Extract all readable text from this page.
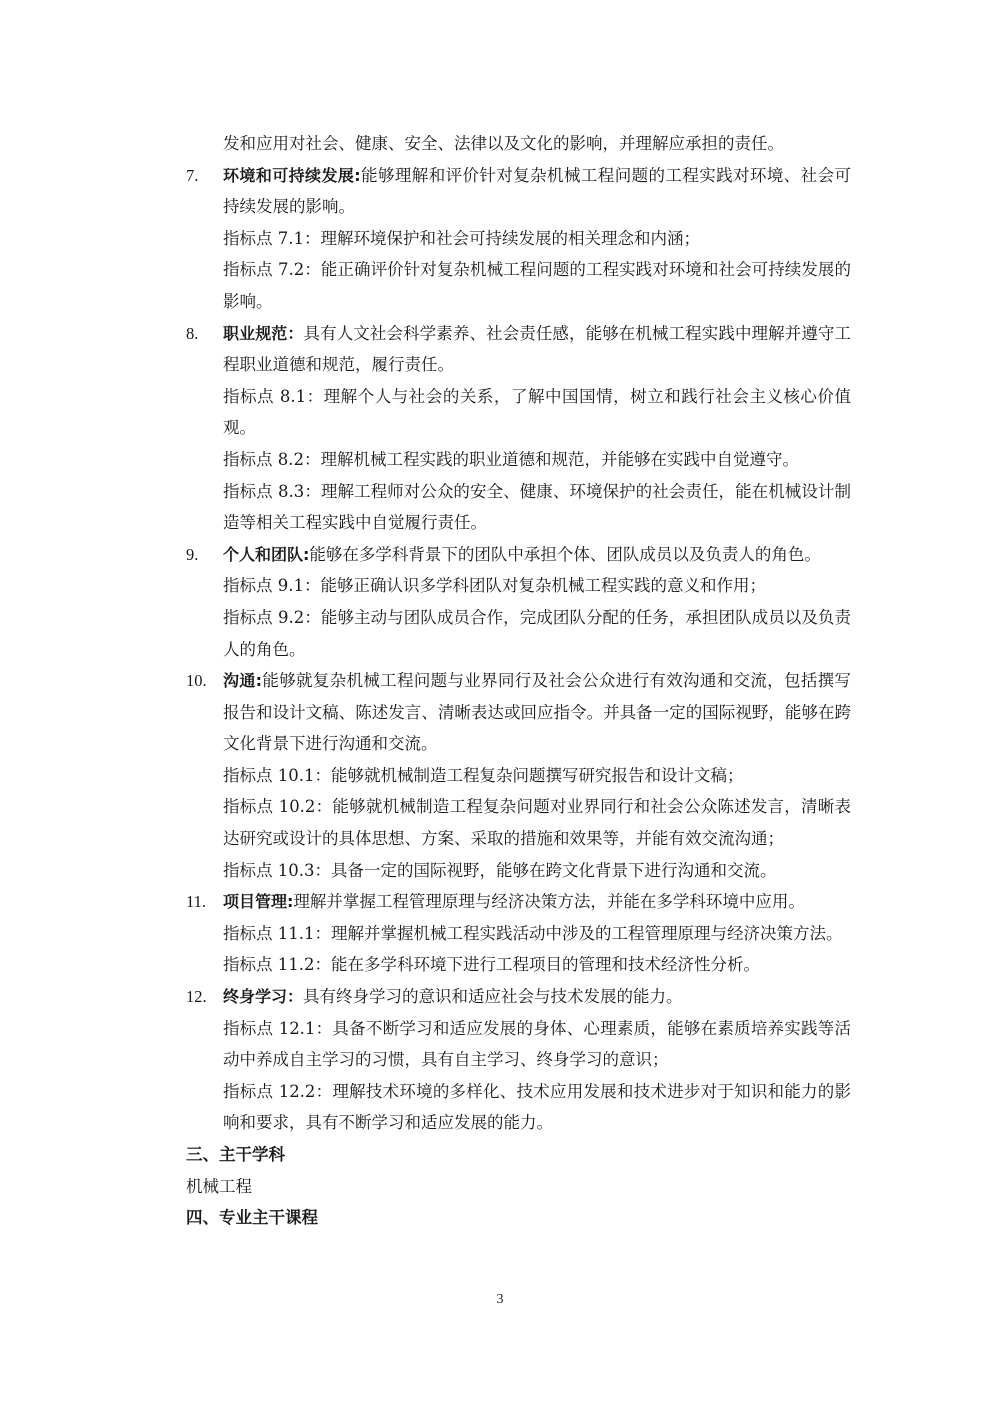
发和应用对社会、健康、安全、法律以及文化的影响，并理解应承担的责任。

7.	环境和可持续发展:能够理解和评价针对复杂机械工程问题的工程实践对环境、社会可持续发展的影响。

指标点 7.1：理解环境保护和社会可持续发展的相关理念和内涵；

指标点 7.2：能正确评价针对复杂机械工程问题的工程实践对环境和社会可持续发展的影响。

8.	职业规范：具有人文社会科学素养、社会责任感，能够在机械工程实践中理解并遵守工程职业道德和规范，履行责任。

指标点 8.1：理解个人与社会的关系，了解中国国情，树立和践行社会主义核心价值观。

指标点 8.2：理解机械工程实践的职业道德和规范，并能够在实践中自觉遵守。

指标点 8.3：理解工程师对公众的安全、健康、环境保护的社会责任，能在机械设计制造等相关工程实践中自觉履行责任。

9.	个人和团队:能够在多学科背景下的团队中承担个体、团队成员以及负责人的角色。

指标点 9.1：能够正确认识多学科团队对复杂机械工程实践的意义和作用；

指标点 9.2：能够主动与团队成员合作，完成团队分配的任务，承担团队成员以及负责人的角色。

10.	沟通:能够就复杂机械工程问题与业界同行及社会公众进行有效沟通和交流，包括撰写报告和设计文稿、陈述发言、清晰表达或回应指令。并具备一定的国际视野，能够在跨文化背景下进行沟通和交流。

指标点 10.1：能够就机械制造工程复杂问题撰写研究报告和设计文稿；

指标点 10.2：能够就机械制造工程复杂问题对业界同行和社会公众陈述发言，清晰表达研究或设计的具体思想、方案、采取的措施和效果等，并能有效交流沟通；

指标点 10.3：具备一定的国际视野，能够在跨文化背景下进行沟通和交流。

11.	项目管理:理解并掌握工程管理原理与经济决策方法，并能在多学科环境中应用。

指标点 11.1：理解并掌握机械工程实践活动中涉及的工程管理原理与经济决策方法。

指标点 11.2：能在多学科环境下进行工程项目的管理和技术经济性分析。

12.	终身学习：具有终身学习的意识和适应社会与技术发展的能力。

指标点 12.1：具备不断学习和适应发展的身体、心理素质，能够在素质培养实践等活动中养成自主学习的习惯，具有自主学习、终身学习的意识；

指标点 12.2：理解技术环境的多样化、技术应用发展和技术进步对于知识和能力的影响和要求，具有不断学习和适应发展的能力。

三、主干学科

机械工程

四、专业主干课程

3
